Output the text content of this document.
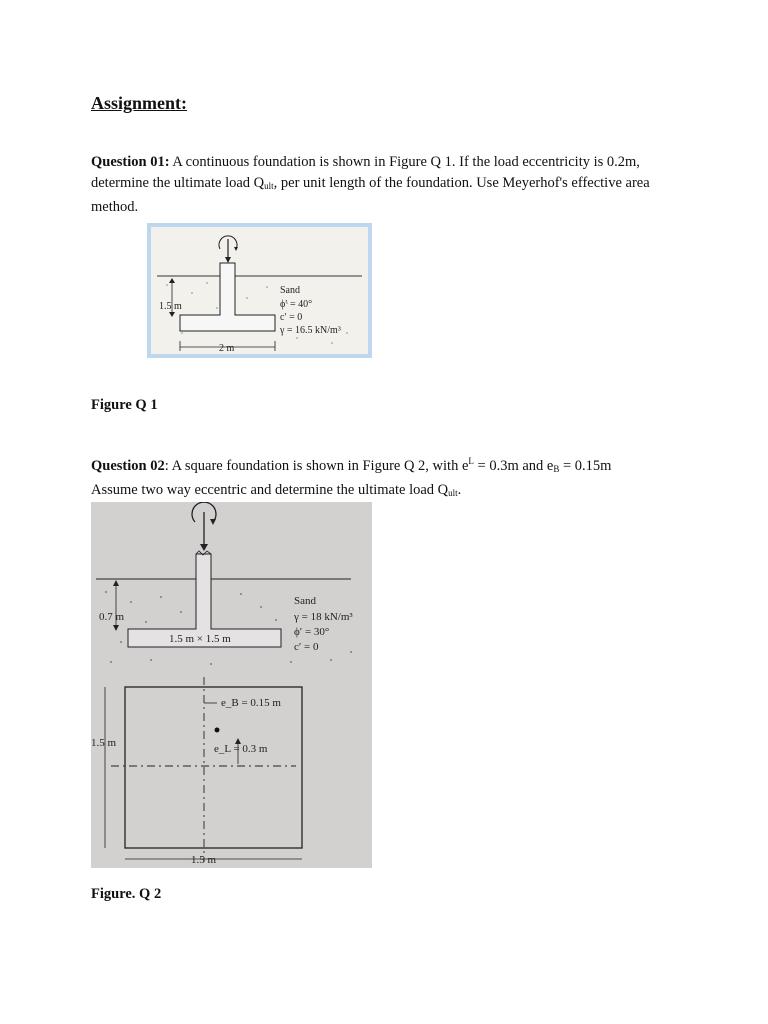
Assignment:
Question 01: A continuous foundation is shown in Figure Q 1. If the load eccentricity is 0.2m, determine the ultimate load $Q_{ult}$, per unit length of the foundation. Use Meyerhof's effective area method.
1.5 m
2 m
Sand
ϕ′ = 40°
c′ = 0
γ = 16.5 kN/m³
Figure Q 1
Question 02: A square foundation is shown in Figure Q 2, with $e^L = 0.3m$ and $e_B = 0.15m$
Assume two way eccentric and determine the ultimate load $Q_{ult}$.
0.7 m
1.5 m × 1.5 m
Sand
γ = 18 kN/m³
ϕ′ = 30°
c′ = 0
e_B = 0.15 m
e_L = 0.3 m
1.5 m
1.5 m
Figure. Q 2
